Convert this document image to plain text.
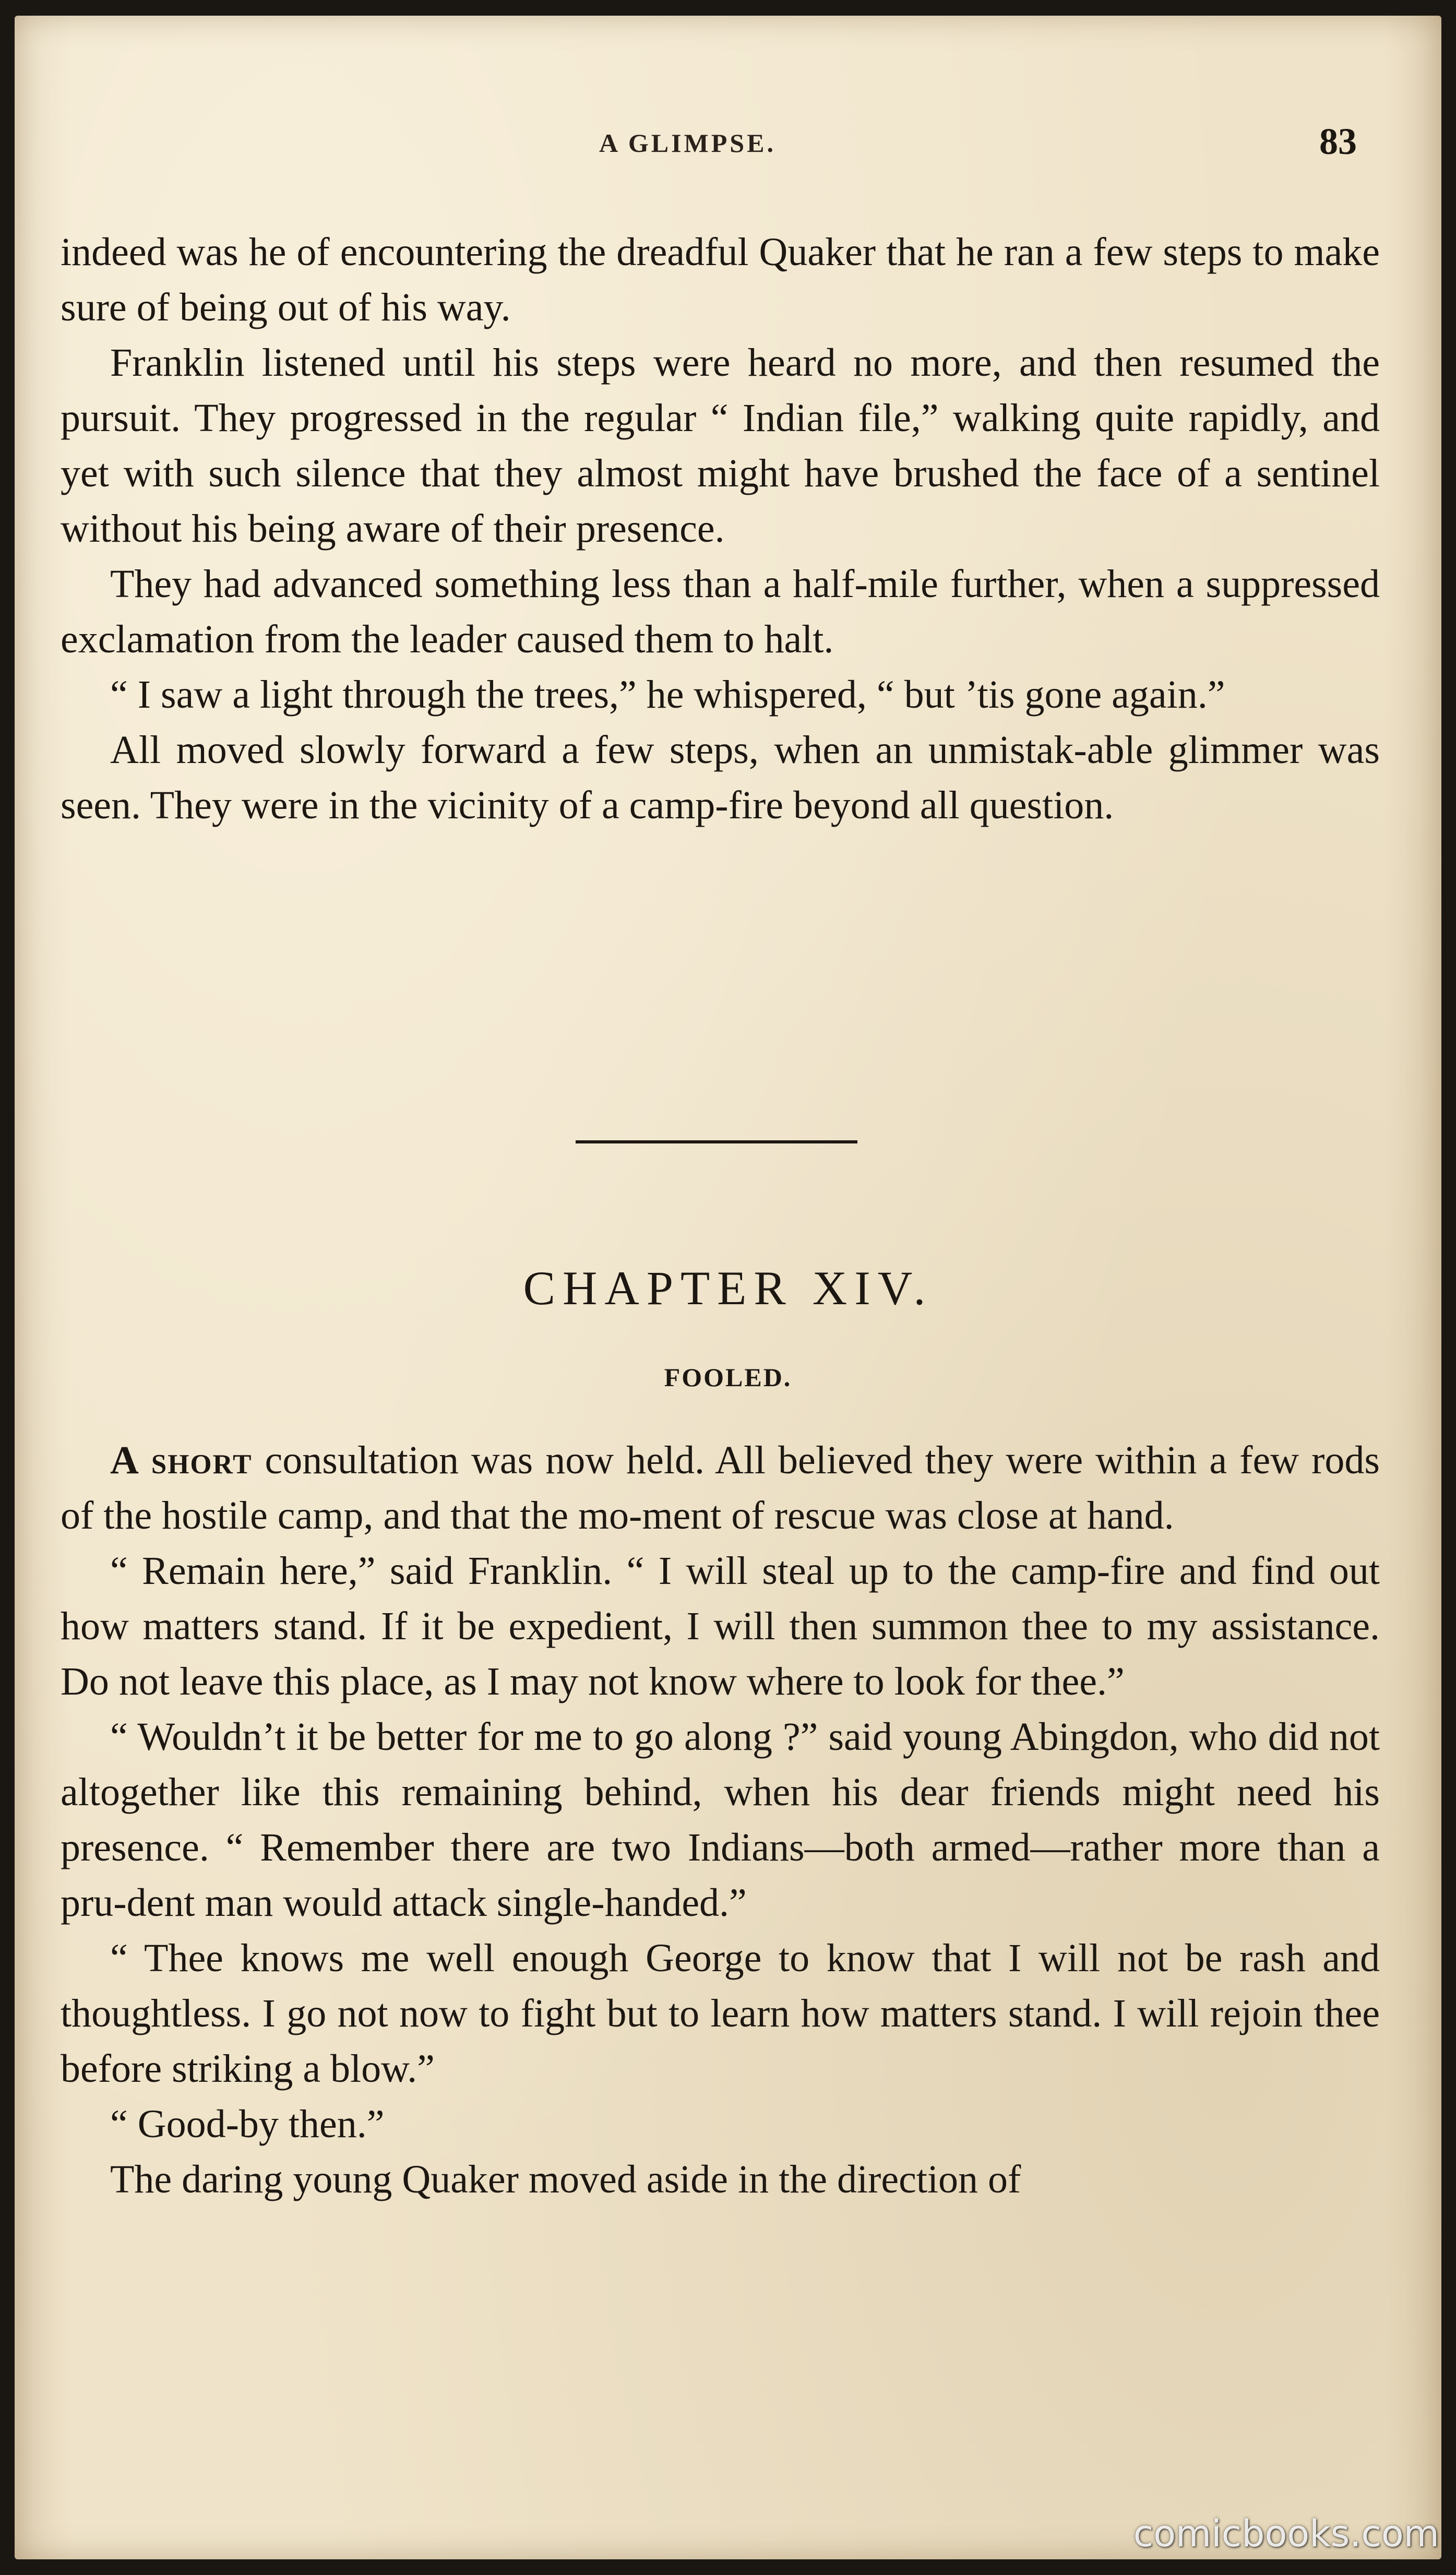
A GLIMPSE.	83

indeed was he of encountering the dreadful Quaker that he ran a few steps to make sure of being out of his way.

Franklin listened until his steps were heard no more, and then resumed the pursuit. They progressed in the regular “ Indian file,” walking quite rapidly, and yet with such silence that they almost might have brushed the face of a sentinel without his being aware of their presence.

They had advanced something less than a half-mile further, when a suppressed exclamation from the leader caused them to halt.

“ I saw a light through the trees,” he whispered, “ but ’tis gone again.”

All moved slowly forward a few steps, when an unmistak-able glimmer was seen. They were in the vicinity of a camp-fire beyond all question.

CHAPTER XIV.
FOOLED.

A short consultation was now held. All believed they were within a few rods of the hostile camp, and that the mo-ment of rescue was close at hand.

“ Remain here,” said Franklin. “ I will steal up to the camp-fire and find out how matters stand. If it be expedient, I will then summon thee to my assistance. Do not leave this place, as I may not know where to look for thee.”

“ Wouldn’t it be better for me to go along ?” said young Abingdon, who did not altogether like this remaining behind, when his dear friends might need his presence. “ Remember there are two Indians—both armed—rather more than a pru-dent man would attack single-handed.”

“ Thee knows me well enough George to know that I will not be rash and thoughtless. I go not now to fight but to learn how matters stand. I will rejoin thee before striking a blow.”

“ Good-by then.”

The daring young Quaker moved aside in the direction of

comicbooks.com
